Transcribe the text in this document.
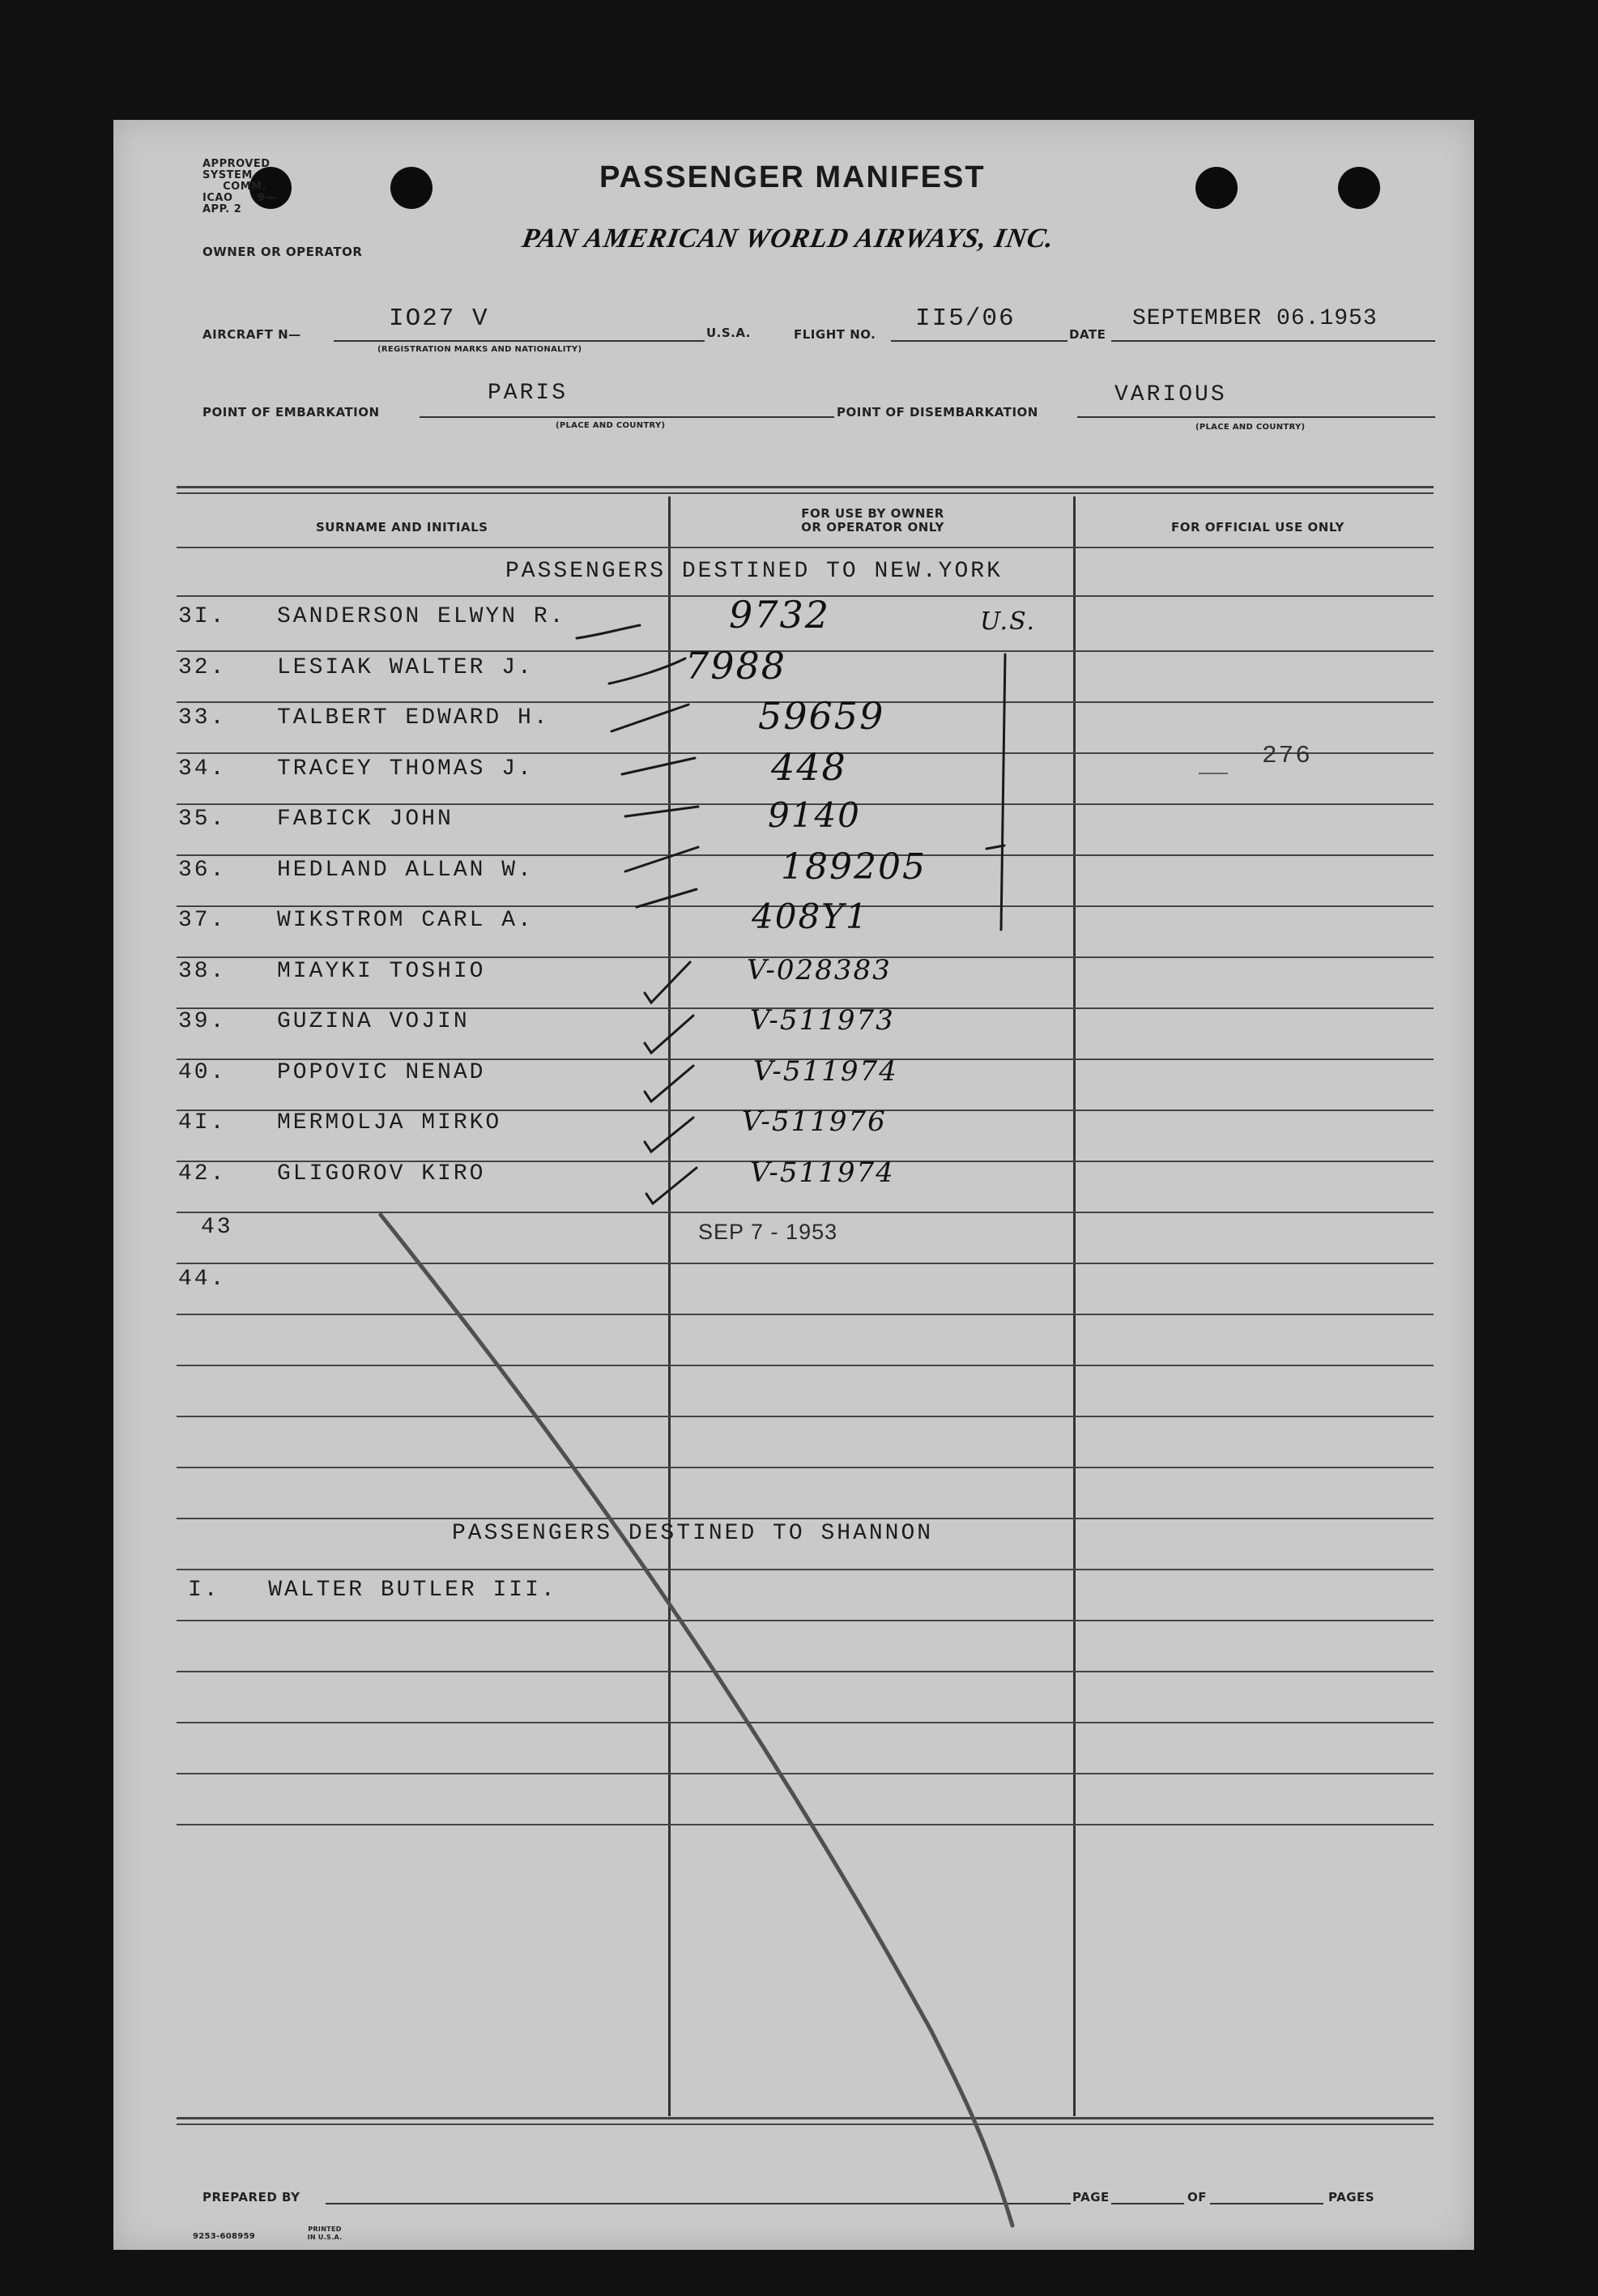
APPROVED
SYSTEM      COMM.
ICAO 9—APP. 2
PASSENGER MANIFEST
PAN AMERICAN WORLD AIRWAYS, INC.
OWNER OR OPERATOR
AIRCRAFT N—
IO27 V
(REGISTRATION MARKS AND NATIONALITY)
U.S.A.	FLIGHT NO.
II5/06
DATE
SEPTEMBER 06.1953
POINT OF EMBARKATION
PARIS
(PLACE AND COUNTRY)
POINT OF DISEMBARKATION
VARIOUS
(PLACE AND COUNTRY)
SURNAME AND INITIALS
FOR USE BY OWNER
OR OPERATOR ONLY	FOR OFFICIAL USE ONLY
PASSENGERS DESTINED TO NEW.YORK
3I. SANDERSON ELWYN R.	9732
32. LESIAK WALTER J.	7988
33. TALBERT EDWARD H.	59659
34. TRACEY THOMAS J.	448
35. FABICK JOHN	9140
36. HEDLAND ALLAN W.	189205
37. WIKSTROM CARL A.	408Y1
38. MIAYKI TOSHIO	V-028383
39. GUZINA VOJIN	V-511973
40. POPOVIC NENAD	V-511974
4I. MERMOLJA MIRKO	V-511976
42. GLIGOROV KIRO	V-511974
43
44.
U.S.
276
SEP 7 - 1953
PASSENGERS DESTINED TO SHANNON
I. WALTER BUTLER III.
PREPARED BY	PAGE	OF	PAGES
9253-608959
PRINTED IN U.S.A.
